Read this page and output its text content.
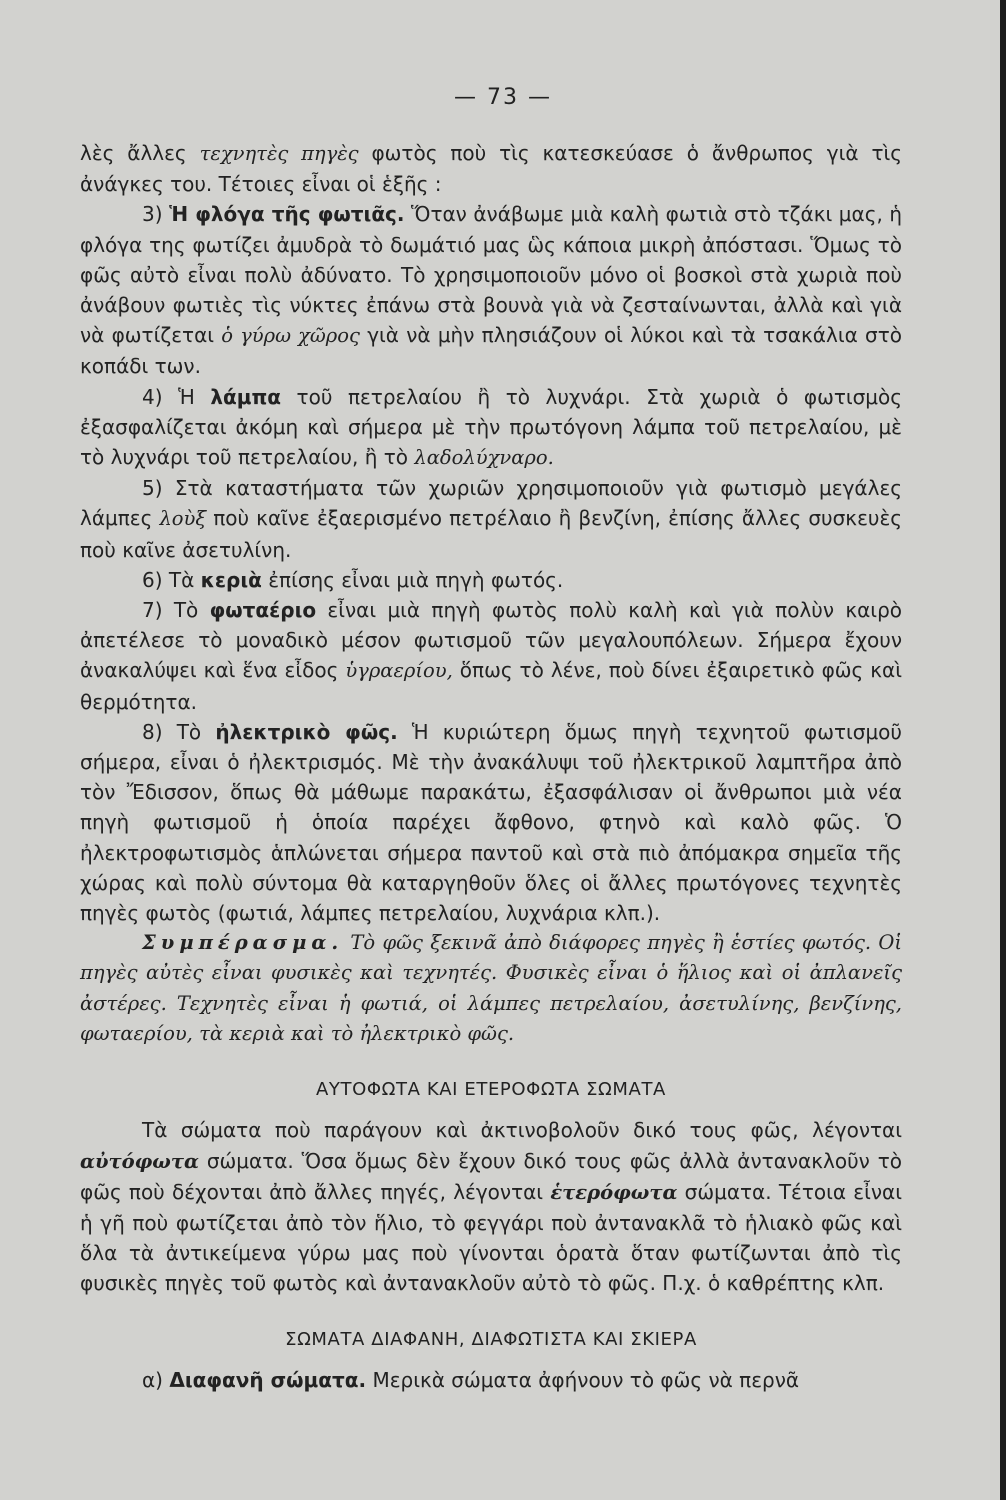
— 73 —

λὲς ἄλλες τεχνητὲς πηγὲς φωτὸς ποὺ τὶς κατεσκεύασε ὁ ἄνθρωπος γιὰ τὶς ἀνάγκες του. Τέτοιες εἶναι οἱ ἑξῆς :

3) Ἡ φλόγα τῆς φωτιᾶς. Ὅταν ἀνάβωμε μιὰ καλὴ φωτιὰ στὸ τζάκι μας, ἡ φλόγα της φωτίζει ἀμυδρὰ τὸ δωμάτιό μας ὣς κάποια μικρὴ ἀπόστασι. Ὅμως τὸ φῶς αὐτὸ εἶναι πολὺ ἀδύνατο. Τὸ χρησιμοποιοῦν μόνο οἱ βοσκοὶ στὰ χωριὰ ποὺ ἀνάβουν φωτιὲς τὶς νύκτες ἐπάνω στὰ βουνὰ γιὰ νὰ ζεσταίνωνται, ἀλλὰ καὶ γιὰ νὰ φωτίζεται ὁ γύρω χῶρος γιὰ νὰ μὴν πλησιάζουν οἱ λύκοι καὶ τὰ τσακάλια στὸ κοπάδι των.

4) Ἡ λάμπα τοῦ πετρελαίου ἢ τὸ λυχνάρι. Στὰ χωριὰ ὁ φωτισμὸς ἐξασφαλίζεται ἀκόμη καὶ σήμερα μὲ τὴν πρωτόγονη λάμπα τοῦ πετρελαίου, μὲ τὸ λυχνάρι τοῦ πετρελαίου, ἢ τὸ λαδολύχναρο.

5) Στὰ καταστήματα τῶν χωριῶν χρησιμοποιοῦν γιὰ φωτισμὸ μεγάλες λάμπες λοὺξ ποὺ καῖνε ἐξαερισμένο πετρέλαιο ἢ βενζίνη, ἐπίσης ἄλλες συσκευὲς ποὺ καῖνε ἀσετυλίνη.

6) Τὰ κεριὰ ἐπίσης εἶναι μιὰ πηγὴ φωτός.

7) Τὸ φωταέριο εἶναι μιὰ πηγὴ φωτὸς πολὺ καλὴ καὶ γιὰ πολὺν καιρὸ ἀπετέλεσε τὸ μοναδικὸ μέσον φωτισμοῦ τῶν μεγαλουπόλεων. Σήμερα ἔχουν ἀνακαλύψει καὶ ἕνα εἶδος ὑγραερίου, ὅπως τὸ λένε, ποὺ δίνει ἐξαιρετικὸ φῶς καὶ θερμότητα.

8) Τὸ ἠλεκτρικὸ φῶς. Ἡ κυριώτερη ὅμως πηγὴ τεχνητοῦ φωτισμοῦ σήμερα, εἶναι ὁ ἠλεκτρισμός. Μὲ τὴν ἀνακάλυψι τοῦ ἠλεκτρικοῦ λαμπτῆρα ἀπὸ τὸν Ἔδισσον, ὅπως θὰ μάθωμε παρακάτω, ἐξασφάλισαν οἱ ἄνθρωποι μιὰ νέα πηγὴ φωτισμοῦ ἡ ὁποία παρέχει ἄφθονο, φτηνὸ καὶ καλὸ φῶς. Ὁ ἠλεκτροφωτισμὸς ἁπλώνεται σήμερα παντοῦ καὶ στὰ πιὸ ἀπόμακρα σημεῖα τῆς χώρας καὶ πολὺ σύντομα θὰ καταργηθοῦν ὅλες οἱ ἄλλες πρωτόγονες τεχνητὲς πηγὲς φωτὸς (φωτιά, λάμπες πετρελαίου, λυχνάρια κλπ.).

Συμπέρασμα. Τὸ φῶς ξεκινᾶ ἀπὸ διάφορες πηγὲς ἢ ἑστίες φωτός. Οἱ πηγὲς αὐτὲς εἶναι φυσικὲς καὶ τεχνητές. Φυσικὲς εἶναι ὁ ἥλιος καὶ οἱ ἀπλανεῖς ἀστέρες. Τεχνητὲς εἶναι ἡ φωτιά, οἱ λάμπες πετρελαίου, ἀσετυλίνης, βενζίνης, φωταερίου, τὰ κεριὰ καὶ τὸ ἠλεκτρικὸ φῶς.

ΑΥΤΟΦΩΤΑ ΚΑΙ ΕΤΕΡΟΦΩΤΑ ΣΩΜΑΤΑ

Τὰ σώματα ποὺ παράγουν καὶ ἀκτινοβολοῦν δικό τους φῶς, λέγονται αὐτόφωτα σώματα. Ὅσα ὅμως δὲν ἔχουν δικό τους φῶς ἀλλὰ ἀντανακλοῦν τὸ φῶς ποὺ δέχονται ἀπὸ ἄλλες πηγές, λέγονται ἑτερόφωτα σώματα. Τέτοια εἶναι ἡ γῆ ποὺ φωτίζεται ἀπὸ τὸν ἥλιο, τὸ φεγγάρι ποὺ ἀντανακλᾶ τὸ ἡλιακὸ φῶς καὶ ὅλα τὰ ἀντικείμενα γύρω μας ποὺ γίνονται ὁρατὰ ὅταν φωτίζωνται ἀπὸ τὶς φυσικὲς πηγὲς τοῦ φωτὸς καὶ ἀντανακλοῦν αὐτὸ τὸ φῶς. Π.χ. ὁ καθρέπτης κλπ.

ΣΩΜΑΤΑ ΔΙΑΦΑΝΗ, ΔΙΑΦΩΤΙΣΤΑ ΚΑΙ ΣΚΙΕΡΑ

α) Διαφανῆ σώματα. Μερικὰ σώματα ἀφήνουν τὸ φῶς νὰ περνᾶ
